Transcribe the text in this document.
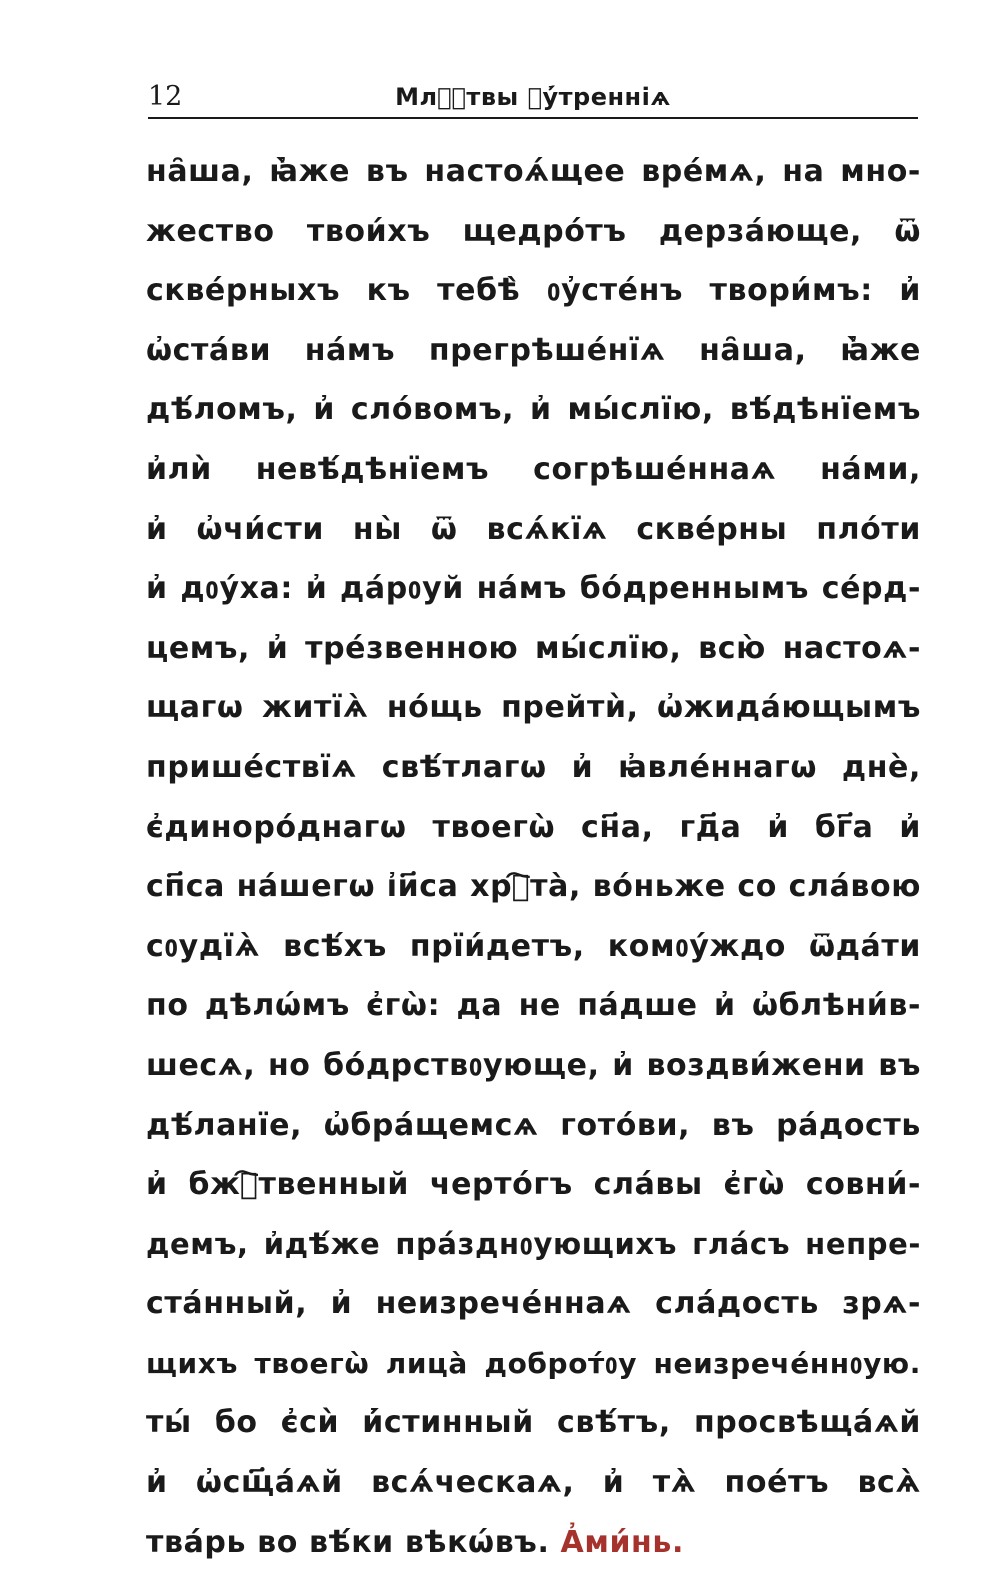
12	Млⷭⷮтвы ᲂу҆́тренніѧ
на̑ша, ꙗ҆̀же въ настоѧ́щее вре́мѧ, на мно-
жество твои́хъ щедро́тъ дерза́юще, ѿ
скве́рныхъ къ тебѣ̀ ᲂу҆сте́нъ твори́мъ: и҆
ѡ҆ста́ви на́мъ прегрѣше́нїѧ на̑ша, ꙗ҆̀же
дѣ́ломъ, и҆ сло́вомъ, и҆ мы́слїю, вѣ́дѣнїемъ
и҆лѝ невѣ́дѣнїемъ согрѣше́ннаѧ на́ми,
и҆ ѡ҆чи́сти ны̀ ѿ всѧ́кїѧ скве́рны пло́ти
и҆ дᲂу́ха: и҆ да́рᲂуй на́мъ бо́дреннымъ се́рд-
цемъ, и҆ тре́звенною мы́слїю, всю̀ настоѧ-
щагѡ житїѧ̀ но́щь прейтѝ, ѡ҆жида́ющымъ
прише́ствїѧ свѣ́тлагѡ и҆ ꙗ҆вле́ннагѡ днѐ,
є҆диноро́днагѡ твоегѡ̀ сн҃а, гд҃а и҆ бг҃а и҆
сп҃са на́шегѡ і҆и҃са хрⷭ҇та̀, во́ньже со сла́вою
сᲂудїѧ̀ всѣ́хъ прїи́детъ, комᲂу́ждо ѿда́ти
по дѣлѡ́мъ є҆гѡ̀: да не па́дше и҆ ѡ҆блѣни́в-
шесѧ, но бо́дрствᲂующе, и҆ воздви́жени въ
дѣ́ланїе, ѡ҆бра́щемсѧ гото́ви, въ ра́дость
и҆ бжⷭ҇твенный черто́гъ сла́вы є҆гѡ̀ совни́-
демъ, и҆дѣ́же пра́зднᲂующихъ гла́съ непре-
ста́нный, и҆ неизрече́ннаѧ сла́дость зрѧ-
щихъ твоегѡ̀ лица̀ доброт́ᲂу неизрече́ннᲂую.
ты́ бо є҆сѝ и҆́стинный свѣ́тъ, просвѣща́ѧй
и҆ ѡ҆сщ҃а́ѧй всѧ́ческаѧ, и҆ тѧ̀ пое́тъ всѧ̀
тва́рь во вѣ́ки вѣкѡ́въ. А҆ми́нь.
